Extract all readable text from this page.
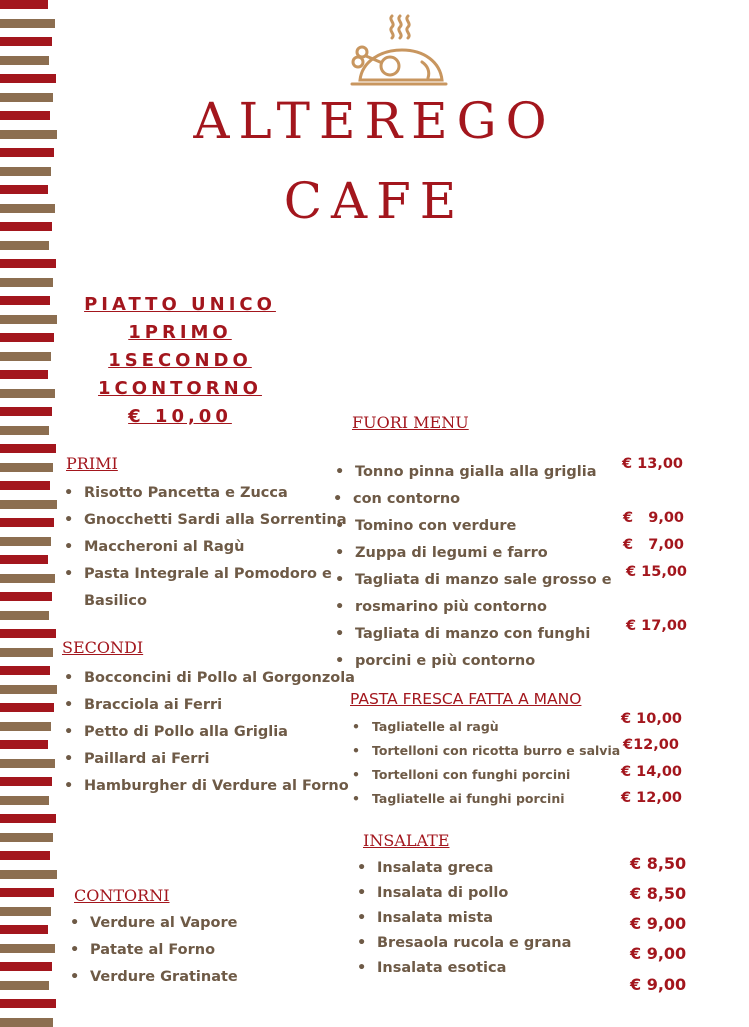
ALTEREGO
CAFE
PIATTO UNICO
1PRIMO
1SECONDO
1CONTORNO
€ 10,00
PRIMI
• Risotto Pancetta e Zucca
• Gnocchetti Sardi alla Sorrentina
• Maccheroni al Ragù
• Pasta Integrale al Pomodoro e
• Basilico
SECONDI
• Bocconcini di Pollo al Gorgonzola
• Bracciola ai Ferri
• Petto di Pollo alla Griglia
• Paillard ai Ferri
• Hamburgher di Verdure al Forno
CONTORNI
• Verdure al Vapore
• Patate al Forno
• Verdure Gratinate
FUORI MENU
• Tonno pinna gialla alla griglia
• con contorno
• Tomino con verdure
• Zuppa di legumi e farro
• Tagliata di manzo sale grosso e
• rosmarino più contorno
• Tagliata di manzo con funghi
• porcini e più contorno
€ 13,00
€   9,00
€   7,00
€ 15,00
€ 17,00
PASTA FRESCA FATTA A MANO
• Tagliatelle al ragù
• Tortelloni con ricotta burro e salvia
• Tortelloni con funghi porcini
• Tagliatelle ai funghi porcini
€ 10,00
€12,00
€ 14,00
€ 12,00
INSALATE
• Insalata greca
• Insalata di pollo
• Insalata mista
• Bresaola rucola e grana
• Insalata esotica
€ 8,50
€ 8,50
€ 9,00
€ 9,00
€ 9,00
